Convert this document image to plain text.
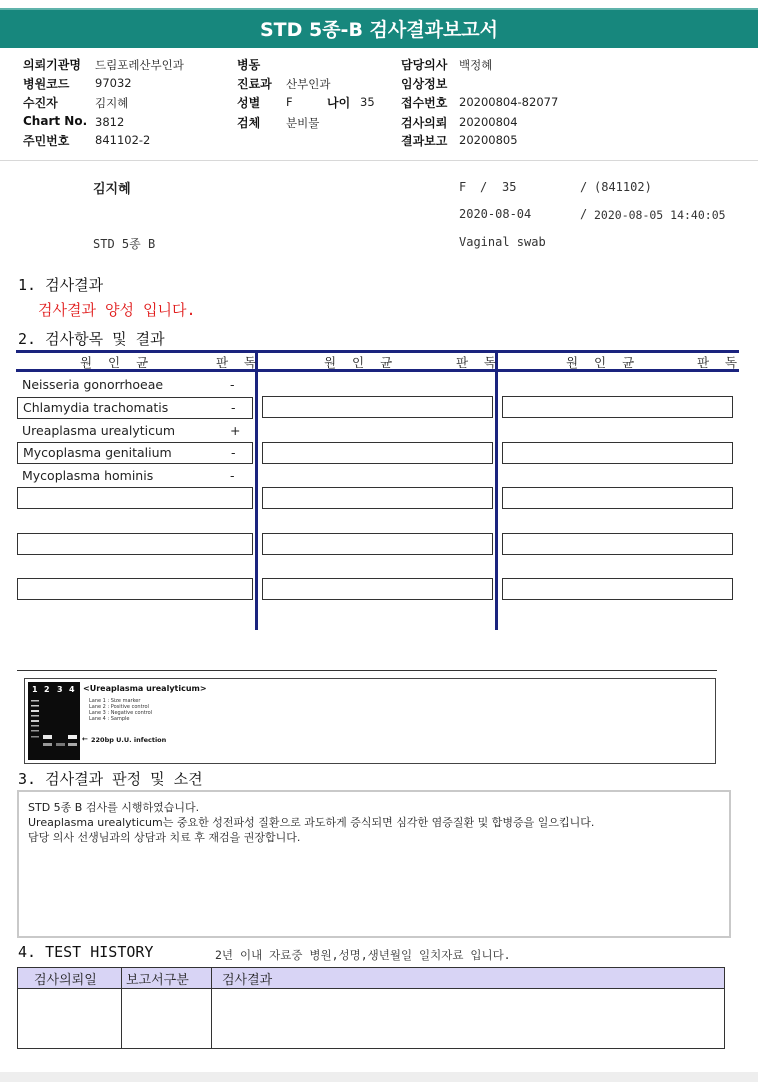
STD 5종-B 검사결과보고서
의뢰기관명 드림포레산부인과
병원코드 97032
수진자	김지혜
Chart No. 3812
주민번호 841102-2
병동
진료과 산부인과
성별 F	나이 35
검체 분비물
담당의사 백정혜
임상정보
접수번호 20200804-82077
검사의뢰 20200804
결과보고 20200805
김지혜	F / 35	/ (841102)
2020-08-04	/ 2020-08-05 14:40:05
STD 5종 B	Vaginal swab
1. 검사결과
검사결과 양성 입니다.
2. 검사항목 및 결과
원 인 균	판 독	원 인 균	판 독	원 인 균	판 독
Neisseria gonorrhoeae	-
Chlamydia trachomatis	-
Ureaplasma urealyticum	+
Mycoplasma genitalium	-
Mycoplasma hominis	-
1 2 3 4 <Ureaplasma urealyticum>
Lane 1 : Size marker
Lane 2 : Positive control
Lane 3 : Negative control
Lane 4 : Sample
← 220bp U.U. infection
3. 검사결과 판정 및 소견
STD 5종 B 검사를 시행하였습니다.
Ureaplasma urealyticum는 중요한 성전파성 질환으로 과도하게 증식되면 심각한 염증질환 및 합병증을 일으킵니다.
담당 의사 선생님과의 상담과 치료 후 재검을 권장합니다.
4. TEST HISTORY	2년 이내 자료중 병원,성명,생년월일 일치자료 입니다.
검사의뢰일 보고서구분	검사결과
